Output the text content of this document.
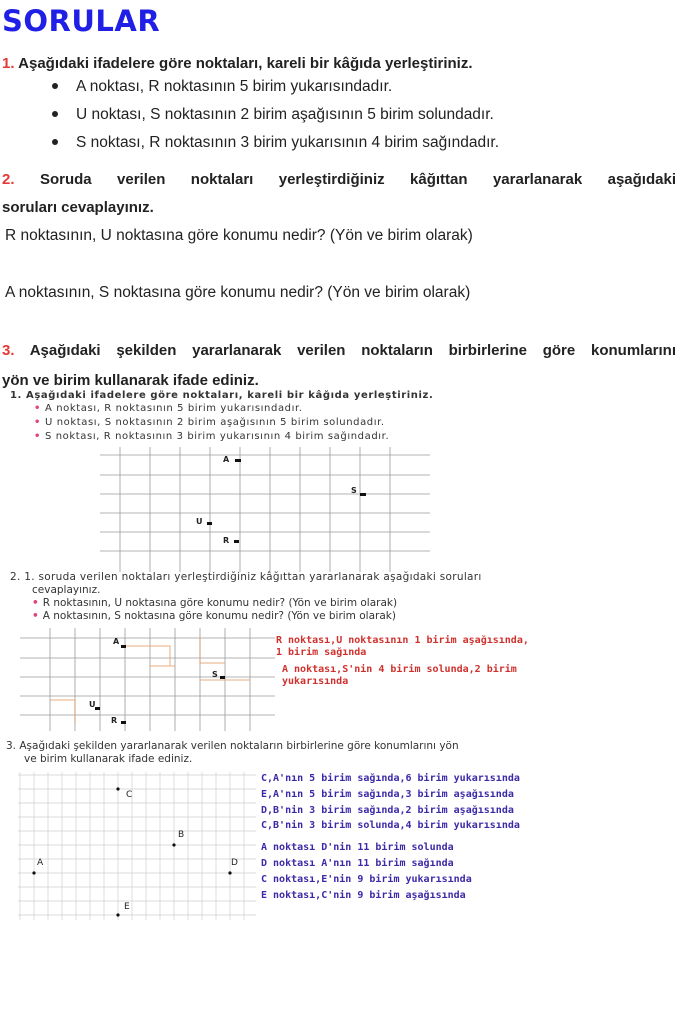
SORULAR
1. Aşağıdaki ifadelere göre noktaları, kareli bir kâğıda yerleştiriniz.
A noktası, R noktasının 5 birim yukarısındadır.
U noktası, S noktasının 2 birim aşağısının 5 birim solundadır.
S noktası, R noktasının 3 birim yukarısının 4 birim sağındadır.
2. Soruda verilen noktaları yerleştirdiğiniz kâğıttan yararlanarak aşağıdaki
soruları cevaplayınız.
R noktasının, U noktasına göre konumu nedir? (Yön ve birim olarak)
A noktasının, S noktasına göre konumu nedir? (Yön ve birim olarak)
3. Aşağıdaki şekilden yararlanarak verilen noktaların birbirlerine göre konumlarını
yön ve birim kullanarak ifade ediniz.
1. Aşağıdaki ifadelere göre noktaları, kareli bir kâğıda yerleştiriniz.
• A noktası, R noktasının 5 birim yukarısındadır.
• U noktası, S noktasının 2 birim aşağısının 5 birim solundadır.
• S noktası, R noktasının 3 birim yukarısının 4 birim sağındadır.
A
S
U
R
2. 1. soruda verilen noktaları yerleştirdiğiniz kâğıttan yararlanarak aşağıdaki soruları
cevaplayınız.
• R noktasının, U noktasına göre konumu nedir? (Yön ve birim olarak)
• A noktasının, S noktasına göre konumu nedir? (Yön ve birim olarak)
A
S
U
R
R noktası,U noktasının 1 birim aşağısında,
1 birim sağında
A noktası,S'nin 4 birim solunda,2 birim
yukarısında
3. Aşağıdaki şekilden yararlanarak verilen noktaların birbirlerine göre konumlarını yön
ve birim kullanarak ifade ediniz.
C
B
A	D
E
C,A'nın 5 birim sağında,6 birim yukarısında
E,A'nın 5 birim sağında,3 birim aşağısında
D,B'nin 3 birim sağında,2 birim aşağısında
C,B'nin 3 birim solunda,4 birim yukarısında
A noktası D'nin 11 birim solunda
D noktası A'nın 11 birim sağında
C noktası,E'nin 9 birim yukarısında
E noktası,C'nin 9 birim aşağısında
